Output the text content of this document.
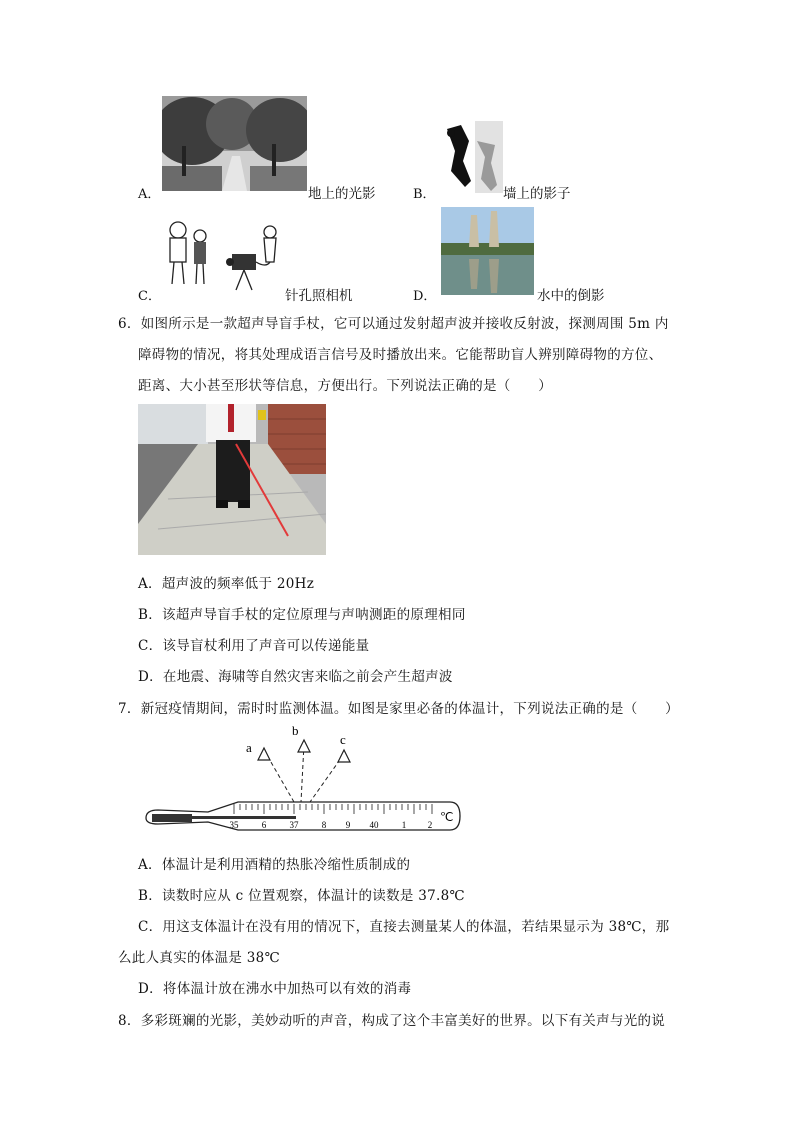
A．	地上的光影	B．	墙上的影子
C．	针孔照相机	D．	水中的倒影
6．如图所示是一款超声导盲手杖，它可以通过发射超声波并接收反射波，探测周围 5m 内
障碍物的情况，将其处理成语言信号及时播放出来。它能帮助盲人辨别障碍物的方位、
距离、大小甚至形状等信息，方便出行。下列说法正确的是（　　）
A．超声波的频率低于 20Hz
B．该超声导盲手杖的定位原理与声呐测距的原理相同
C．该导盲杖利用了声音可以传递能量
D．在地震、海啸等自然灾害来临之前会产生超声波
7．新冠疫情期间，需时时监测体温。如图是家里必备的体温计，下列说法正确的是（　　）
a
b
c
35	6	37	8 9 40	1 2
℃
A．体温计是利用酒精的热胀冷缩性质制成的
B．读数时应从 c 位置观察，体温计的读数是 37.8℃
C．用这支体温计在没有用的情况下，直接去测量某人的体温，若结果显示为 38℃，那
么此人真实的体温是 38℃
D．将体温计放在沸水中加热可以有效的消毒
8．多彩斑斓的光影，美妙动听的声音，构成了这个丰富美好的世界。以下有关声与光的说
